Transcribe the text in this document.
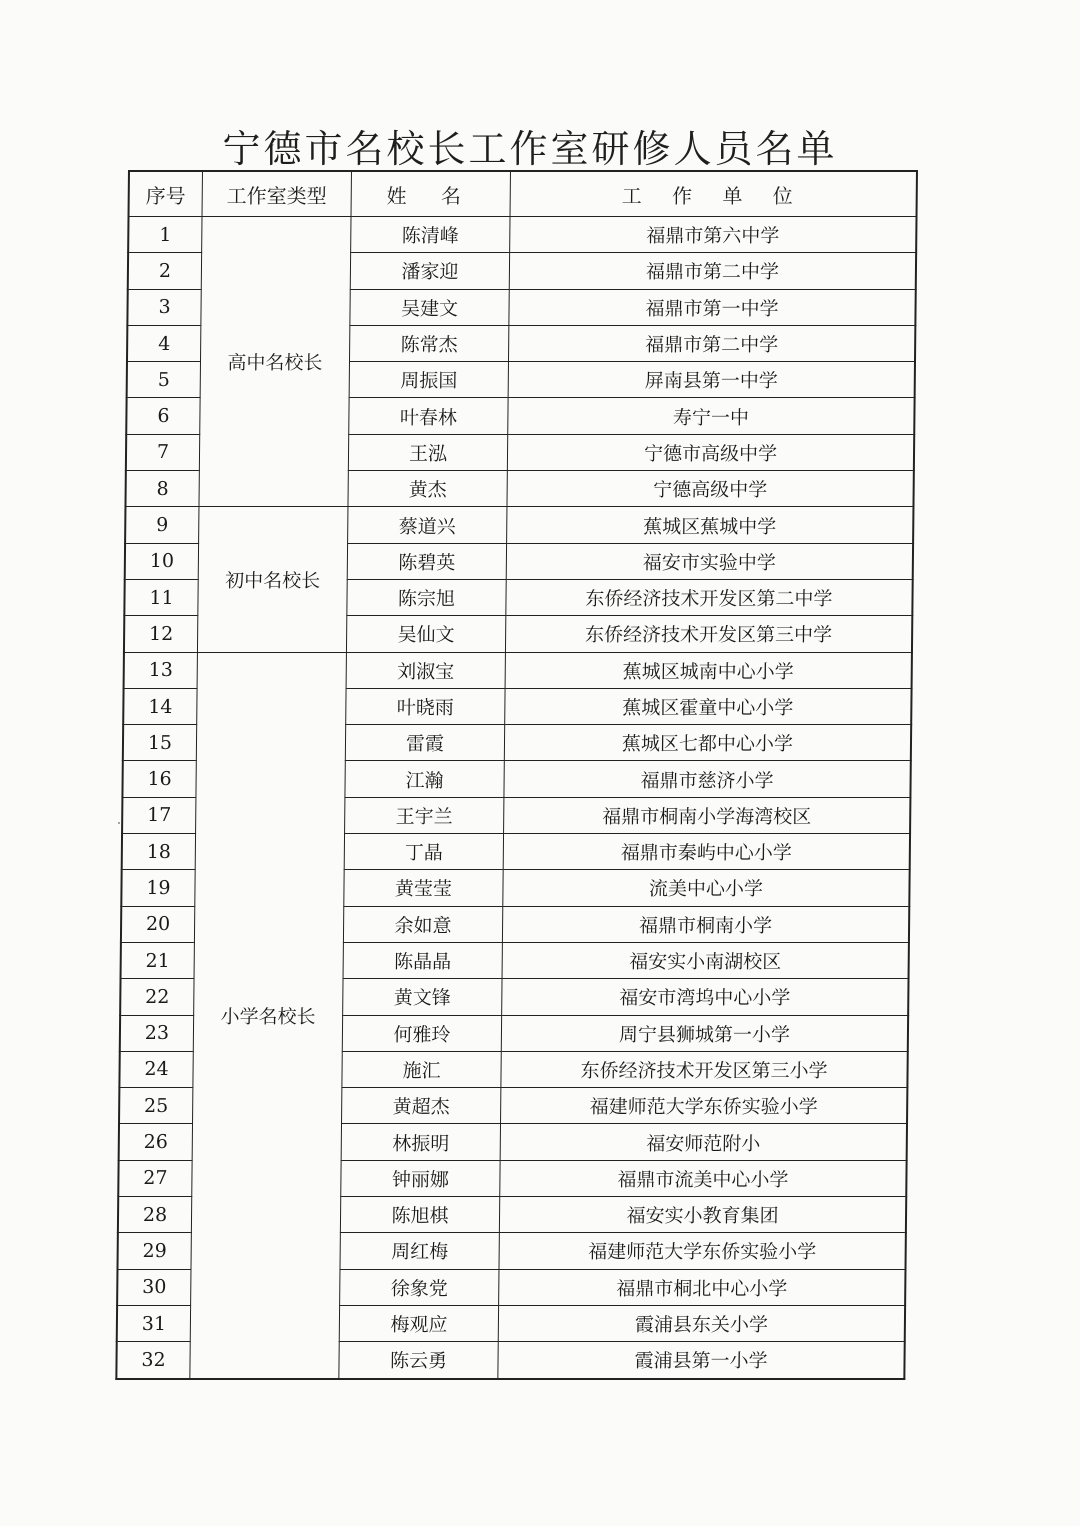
宁德市名校长工作室研修人员名单
序号	工作室类型	姓 名	工 作 单 位
1	高中名校长	陈清峰	福鼎市第六中学
2		潘家迎	福鼎市第二中学
3		吴建文	福鼎市第一中学
4		陈常杰	福鼎市第二中学
5		周振国	屏南县第一中学
6		叶春林	寿宁一中
7		王泓	宁德市高级中学
8		黄杰	宁德高级中学
9	初中名校长	蔡道兴	蕉城区蕉城中学
10		陈碧英	福安市实验中学
11		陈宗旭	东侨经济技术开发区第二中学
12		吴仙文	东侨经济技术开发区第三中学
13	小学名校长	刘淑宝	蕉城区城南中心小学
14		叶晓雨	蕉城区霍童中心小学
15		雷霞	蕉城区七都中心小学
16		江瀚	福鼎市慈济小学
17		王宇兰	福鼎市桐南小学海湾校区
18		丁晶	福鼎市秦屿中心小学
19		黄莹莹	流美中心小学
20		余如意	福鼎市桐南小学
21		陈晶晶	福安实小南湖校区
22		黄文锋	福安市湾坞中心小学
23		何雅玲	周宁县狮城第一小学
24		施汇	东侨经济技术开发区第三小学
25		黄超杰	福建师范大学东侨实验小学
26		林振明	福安师范附小
27		钟丽娜	福鼎市流美中心小学
28		陈旭棋	福安实小教育集团
29		周红梅	福建师范大学东侨实验小学
30		徐象党	福鼎市桐北中心小学
31		梅观应	霞浦县东关小学
32		陈云勇	霞浦县第一小学
